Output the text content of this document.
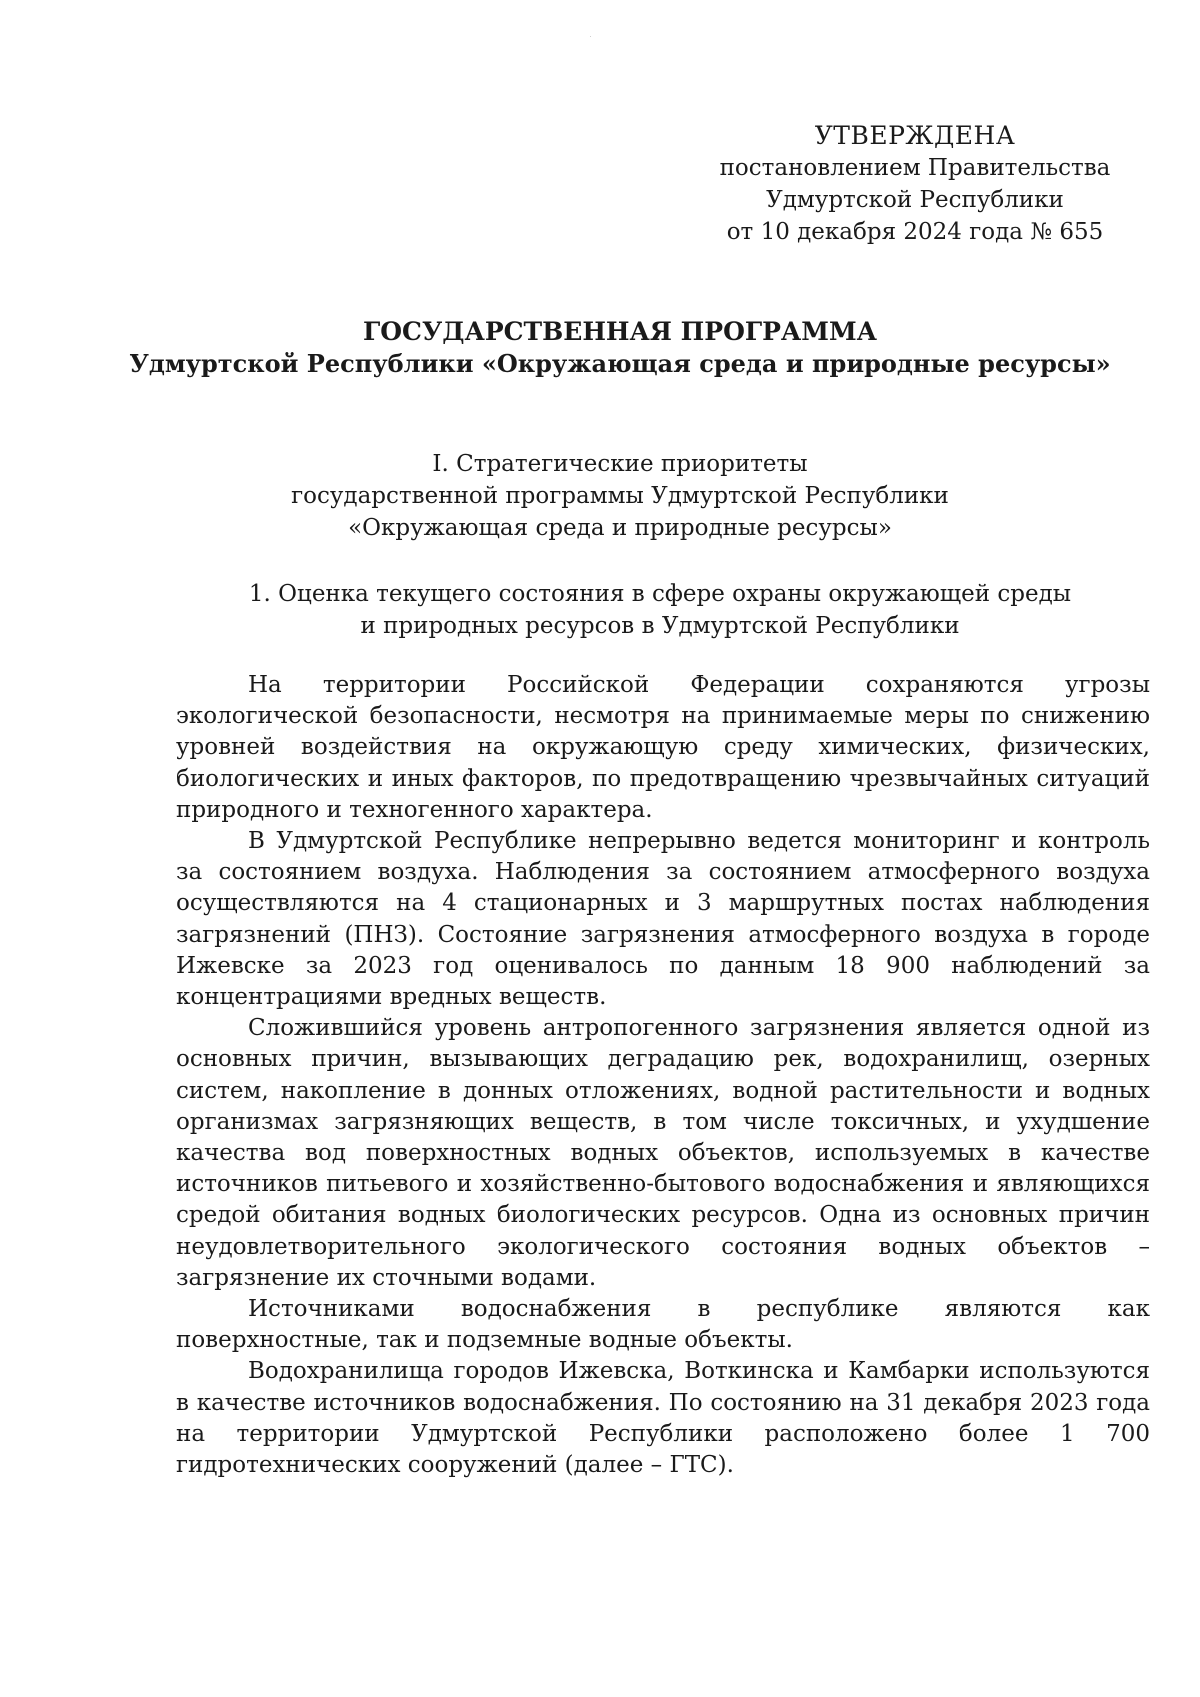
УТВЕРЖДЕНА
постановлением Правительства
Удмуртской Республики
от 10 декабря 2024 года № 655
ГОСУДАРСТВЕННАЯ ПРОГРАММА
Удмуртской Республики «Окружающая среда и природные ресурсы»
I. Стратегические приоритеты
государственной программы Удмуртской Республики
«Окружающая среда и природные ресурсы»
1. Оценка текущего состояния в сфере охраны окружающей среды
и природных ресурсов в Удмуртской Республики

На территории Российской Федерации сохраняются угрозы экологической безопасности, несмотря на принимаемые меры по снижению уровней воздействия на окружающую среду химических, физических, биологических и иных факторов, по предотвращению чрезвычайных ситуаций природного и техногенного характера.

В Удмуртской Республике непрерывно ведется мониторинг и контроль за состоянием воздуха. Наблюдения за состоянием атмосферного воздуха осуществляются на 4 стационарных и 3 маршрутных постах наблюдения загрязнений (ПНЗ). Состояние загрязнения атмосферного воздуха в городе Ижевске за 2023 год оценивалось по данным 18 900 наблюдений за концентрациями вредных веществ.

Сложившийся уровень антропогенного загрязнения является одной из основных причин, вызывающих деградацию рек, водохранилищ, озерных систем, накопление в донных отложениях, водной растительности и водных организмах загрязняющих веществ, в том числе токсичных, и ухудшение качества вод поверхностных водных объектов, используемых в качестве источников питьевого и хозяйственно-бытового водоснабжения и являющихся средой обитания водных биологических ресурсов. Одна из основных причин неудовлетворительного экологического состояния водных объектов – загрязнение их сточными водами.

Источниками водоснабжения в республике являются как поверхностные, так и подземные водные объекты.

Водохранилища городов Ижевска, Воткинска и Камбарки используются в качестве источников водоснабжения. По состоянию на 31 декабря 2023 года на территории Удмуртской Республики расположено более 1 700 гидротехнических сооружений (далее – ГТС).
